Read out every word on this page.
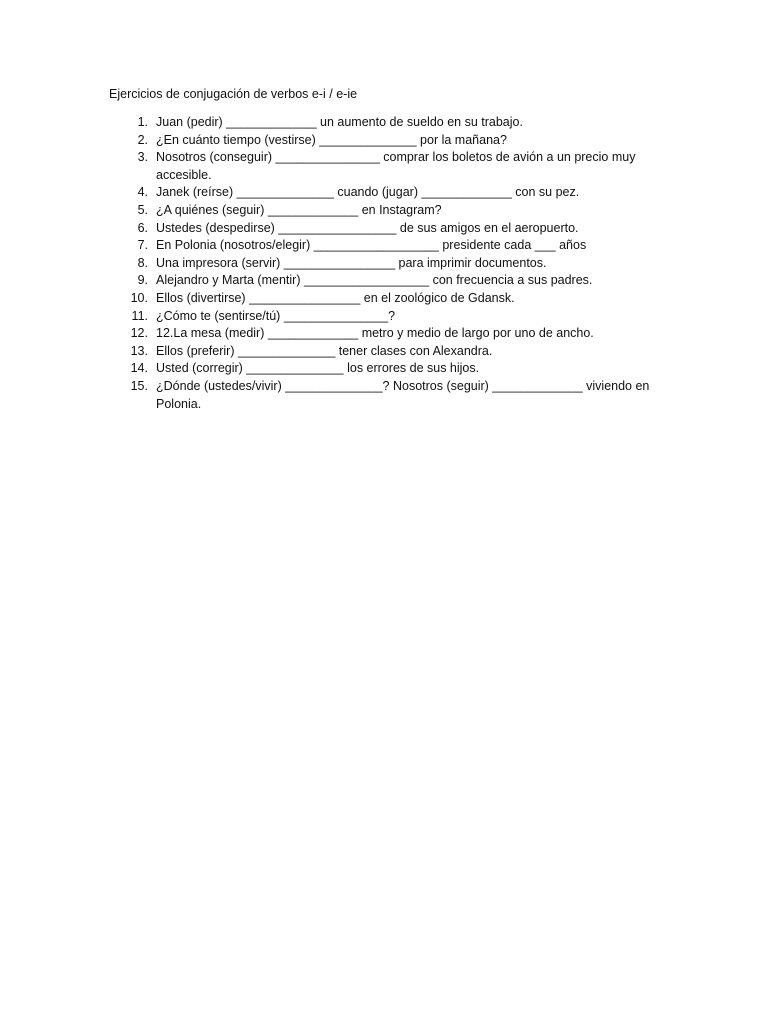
Ejercicios de conjugación de verbos e-i / e-ie
1. Juan (pedir) _____________ un aumento de sueldo en su trabajo.
2. ¿En cuánto tiempo (vestirse) ______________ por la mañana?
3. Nosotros (conseguir) _______________ comprar los boletos de avión a un precio muy accesible.
4. Janek (reírse) ______________ cuando (jugar) _____________ con su pez.
5. ¿A quiénes (seguir) _____________ en Instagram?
6. Ustedes (despedirse) _________________ de sus amigos en el aeropuerto.
7. En Polonia (nosotros/elegir) __________________ presidente cada ___ años
8. Una impresora (servir) ________________ para imprimir documentos.
9. Alejandro y Marta (mentir) __________________ con frecuencia a sus padres.
10. Ellos (divertirse) ________________ en el zoológico de Gdansk.
11. ¿Cómo te (sentirse/tú) _______________?
12. 12.La mesa (medir) _____________ metro y medio de largo por uno de ancho.
13. Ellos (preferir) ______________ tener clases con Alexandra.
14. Usted (corregir) ______________ los errores de sus hijos.
15. ¿Dónde (ustedes/vivir) ______________? Nosotros (seguir) _____________ viviendo en Polonia.
